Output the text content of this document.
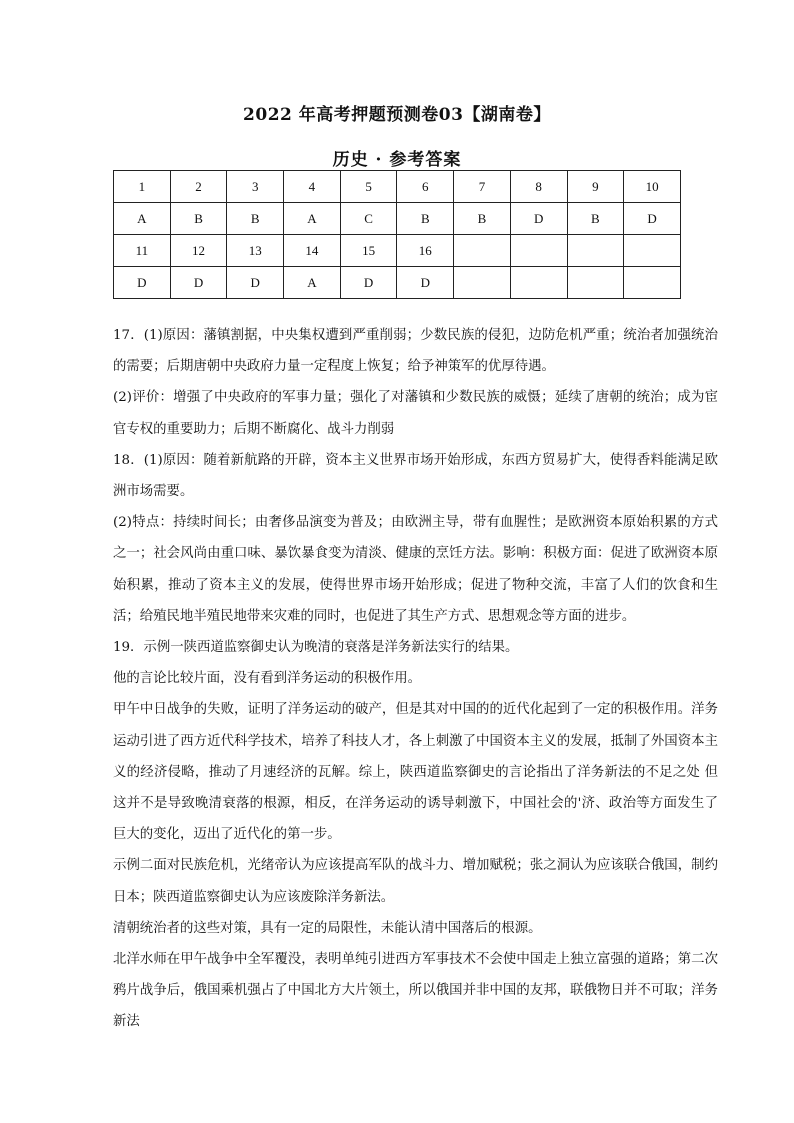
2022 年高考押题预测卷03【湖南卷】
历史 · 参考答案
1	2	3	4	5	6	7	8	9	10
A	B	B	A	C	B	B	D	B	D
11	12	13	14	15	16				
D	D	D	A	D	D				

17．(1)原因：藩镇割据，中央集权遭到严重削弱；少数民族的侵犯，边防危机严重；统治者加强统治的需要；后期唐朝中央政府力量一定程度上恢复；给予神策军的优厚待遇。

(2)评价：增强了中央政府的军事力量；强化了对藩镇和少数民族的威慑；延续了唐朝的统治；成为宦官专权的重要助力；后期不断腐化、战斗力削弱

18．(1)原因：随着新航路的开辟，资本主义世界市场开始形成，东西方贸易扩大，使得香料能满足欧洲市场需要。

(2)特点：持续时间长；由奢侈品演变为普及；由欧洲主导，带有血腥性；是欧洲资本原始积累的方式之一；社会风尚由重口味、暴饮暴食变为清淡、健康的烹饪方法。影响：积极方面：促进了欧洲资本原始积累，推动了资本主义的发展，使得世界市场开始形成；促进了物种交流，丰富了人们的饮食和生活；给殖民地半殖民地带来灾难的同时，也促进了其生产方式、思想观念等方面的进步。

19．示例一陕西道监察御史认为晚清的衰落是洋务新法实行的结果。

他的言论比较片面，没有看到洋务运动的积极作用。

甲午中日战争的失败，证明了洋务运动的破产，但是其对中国的的近代化起到了一定的积极作用。洋务运动引进了西方近代科学技术，培养了科技人才，各上刺激了中国资本主义的发展，抵制了外国资本主义的经济侵略，推动了月速经济的瓦解。综上，陕西道监察御史的言论指出了洋务新法的不足之处 但这并不是导致晚清衰落的根源，相反，在洋务运动的诱导刺激下，中国社会的'济、政治等方面发生了巨大的变化，迈出了近代化的第一步。

示例二面对民族危机，光绪帝认为应该提高军队的战斗力、增加赋税；张之洞认为应该联合俄国，制约日本；陕西道监察御史认为应该废除洋务新法。

清朝统治者的这些对策，具有一定的局限性，未能认清中国落后的根源。

北洋水师在甲午战争中全军覆没，表明单纯引进西方军事技术不会使中国走上独立富强的道路；第二次鸦片战争后，俄国乘机强占了中国北方大片领土，所以俄国并非中国的友邦，联俄物日并不可取；洋务新法
